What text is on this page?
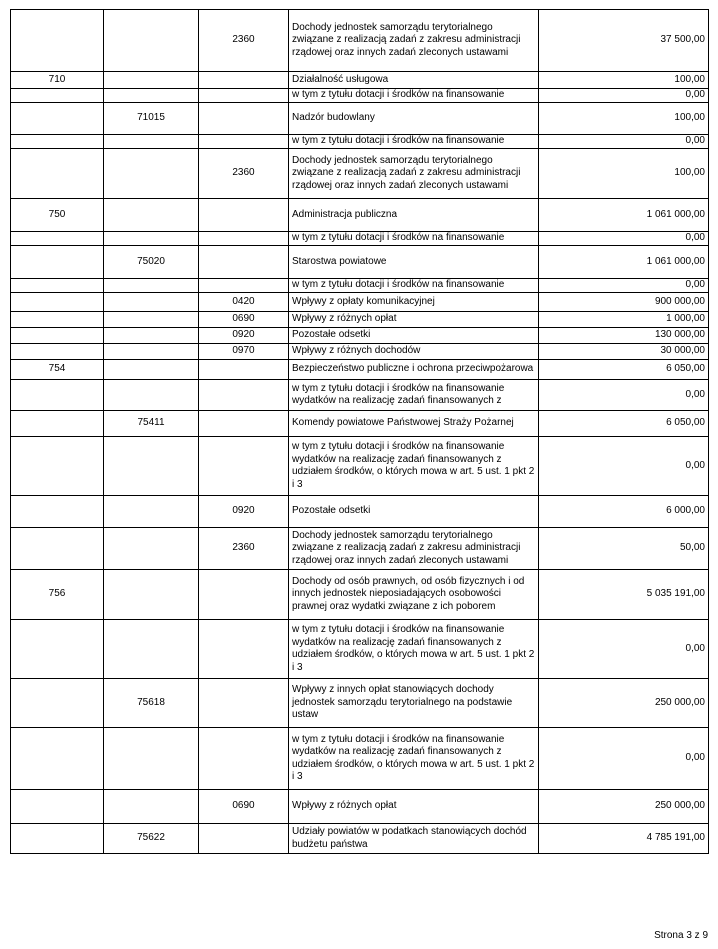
		2360	Dochody jednostek samorządu terytorialnego związane z realizacją zadań z zakresu administracji rządowej oraz innych zadań zleconych ustawami	37 500,00
710			Działalność usługowa	100,00
			w tym z tytułu dotacji i środków na finansowanie	0,00
	71015		Nadzór budowlany	100,00
			w tym z tytułu dotacji i środków na finansowanie	0,00
		2360	Dochody jednostek samorządu terytorialnego związane z realizacją zadań z zakresu administracji rządowej oraz innych zadań zleconych ustawami	100,00
750			Administracja publiczna	1 061 000,00
			w tym z tytułu dotacji i środków na finansowanie	0,00
	75020		Starostwa powiatowe	1 061 000,00
			w tym z tytułu dotacji i środków na finansowanie	0,00
		0420	Wpływy z opłaty komunikacyjnej	900 000,00
		0690	Wpływy z różnych opłat	1 000,00
		0920	Pozostałe odsetki	130 000,00
		0970	Wpływy z różnych dochodów	30 000,00
754			Bezpieczeństwo publiczne i ochrona przeciwpożarowa	6 050,00
			w tym z tytułu dotacji i środków na finansowanie wydatków na realizację zadań finansowanych z	0,00
	75411		Komendy powiatowe Państwowej Straży Pożarnej	6 050,00
			w tym z tytułu dotacji i środków na finansowanie wydatków na realizację zadań finansowanych z udziałem środków, o których mowa w art. 5 ust. 1 pkt 2 i 3	0,00
		0920	Pozostałe odsetki	6 000,00
		2360	Dochody jednostek samorządu terytorialnego związane z realizacją zadań z zakresu administracji rządowej oraz innych zadań zleconych ustawami	50,00
756			Dochody od osób prawnych, od osób fizycznych i od innych jednostek nieposiadających osobowości prawnej oraz wydatki związane z ich poborem	5 035 191,00
			w tym z tytułu dotacji i środków na finansowanie wydatków na realizację zadań finansowanych z udziałem środków, o których mowa w art. 5 ust. 1 pkt 2 i 3	0,00
	75618		Wpływy z innych opłat stanowiących dochody jednostek samorządu terytorialnego na podstawie ustaw	250 000,00
			w tym z tytułu dotacji i środków na finansowanie wydatków na realizację zadań finansowanych z udziałem środków, o których mowa w art. 5 ust. 1 pkt 2 i 3	0,00
		0690	Wpływy z różnych opłat	250 000,00
	75622		Udziały powiatów w podatkach stanowiących dochód budżetu państwa	4 785 191,00
Strona 3 z 9
